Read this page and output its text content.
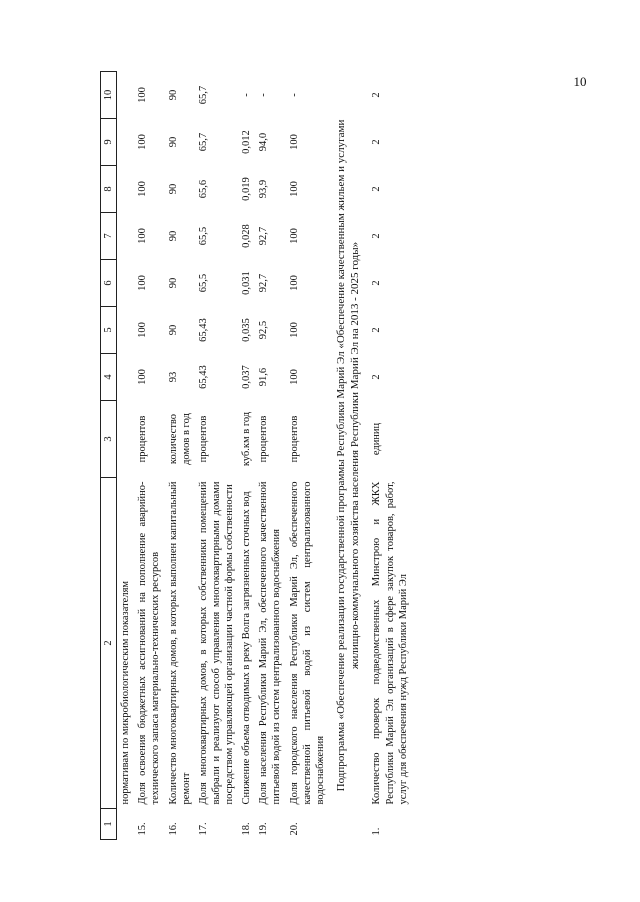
10
1	2	3	4	5	6	7	8	9	10
	нормативам по микробиологическим показателям								
15.	Доля освоения бюджетных ассигнований на пополнение аварийно-технического запаса материально-технических ресурсов	процентов	100	100	100	100	100	100	100
16.	Количество многоквартирных домов, в которых выполнен капитальный ремонт	количество домов в год	93	90	90	90	90	90	90
17.	Доля многоквартирных домов, в которых собственники помещений выбрали и реализуют способ управления многоквартирными домами посредством управляющей организации частной формы собственности	процентов	65,43	65,43	65,5	65,5	65,6	65,7	65,7
18.	Снижение объема отводимых в реку Волга загрязненных сточных вод	куб.км в год	0,037	0,035	0,031	0,028	0,019	0,012	-
19.	Доля населения Республики Марий Эл, обеспеченного качественной питьевой водой из систем централизованного водоснабжения	процентов	91,6	92,5	92,7	92,7	93,9	94,0	-
20.	Доля городского населения Республики Марий Эл, обеспеченного качественной питьевой водой из систем централизованного водоснабжения	процентов	100	100	100	100	100	100	-
Подпрограмма «Обеспечение реализации государственной программы Республики Марий Эл «Обеспечение качественным жильем и услугами жилищно-коммунального хозяйства населения Республики Марий Эл на 2013 - 2025 годы»									
1.	Количество проверок подведомственных Минстрою и ЖКХ Республики Марий Эл организаций в сфере закупок товаров, работ, услуг для обеспечения нужд Республики Марий Эл	единиц	2	2	2	2	2	2	2
